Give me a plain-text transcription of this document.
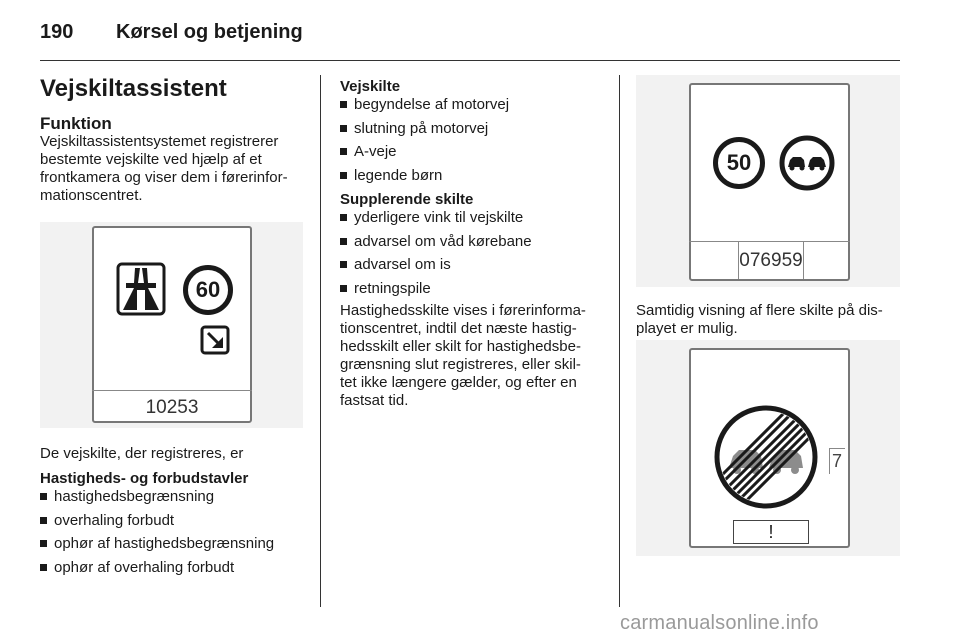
190 Kørsel og betjening
Vejskiltassistent
Funktion

Vejskiltassistentsystemet registrerer

bestemte vejskilte ved hjælp af et

frontkamera og viser dem i førerinfor-

mationscentret.

60
10253

De vejskilte, der registreres, er

Hastigheds- og forbudstavler
hastighedsbegrænsning
overhaling forbudt
ophør af hastighedsbegrænsning
ophør af overhaling forbudt
Vejskilte
begyndelse af motorvej
slutning på motorvej
A-veje
legende børn
Supplerende skilte
yderligere vink til vejskilte
advarsel om våd kørebane
advarsel om is
retningspile

Hastighedsskilte vises i førerinforma-

tionscentret, indtil det næste hastig-

hedsskilt eller skilt for hastighedsbe-

grænsning slut registreres, eller skil-

tet ikke længere gælder, og efter en

fastsat tid.

50
076959

Samtidig visning af flere skilte på dis-

playet er mulig.

7
!
carmanualsonline.info
